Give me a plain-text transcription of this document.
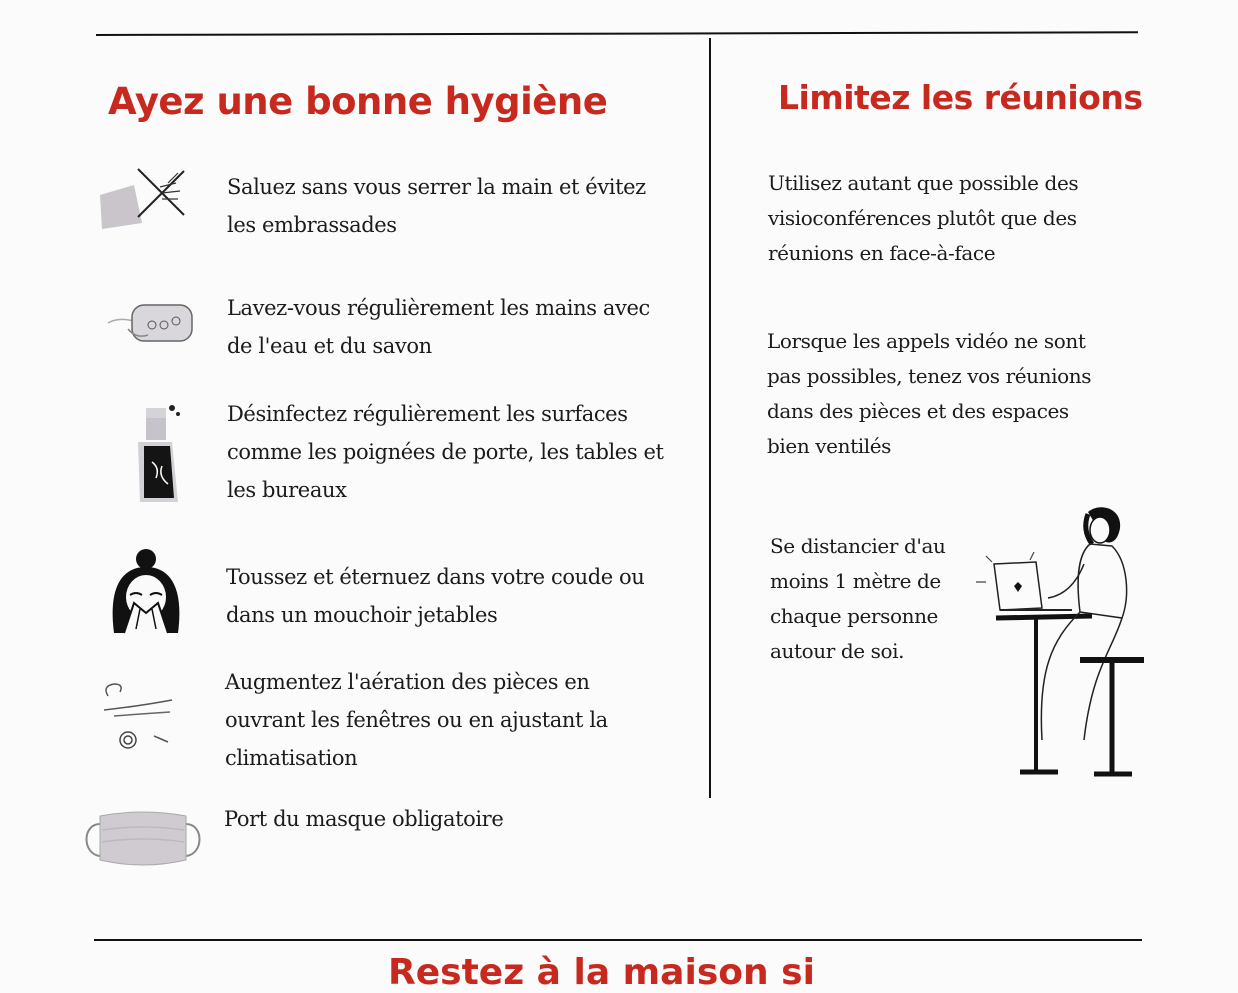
Ayez une bonne hygiène	Limitez les réunions
Saluez sans vous serrer la main et évitez les embrassades
Lavez-vous régulièrement les mains avec de l'eau et du savon
Désinfectez régulièrement les surfaces comme les poignées de porte, les tables et les bureaux
Toussez et éternuez dans votre coude ou dans un mouchoir jetables
Augmentez l'aération des pièces en ouvrant les fenêtres ou en ajustant la climatisation
Port du masque obligatoire
Utilisez autant que possible des visioconférences plutôt que des réunions en face-à-face
Lorsque les appels vidéo ne sont pas possibles, tenez vos réunions dans des pièces et des espaces bien ventilés
Se distancier d'au moins 1 mètre de chaque personne autour de soi.
Restez à la maison si
